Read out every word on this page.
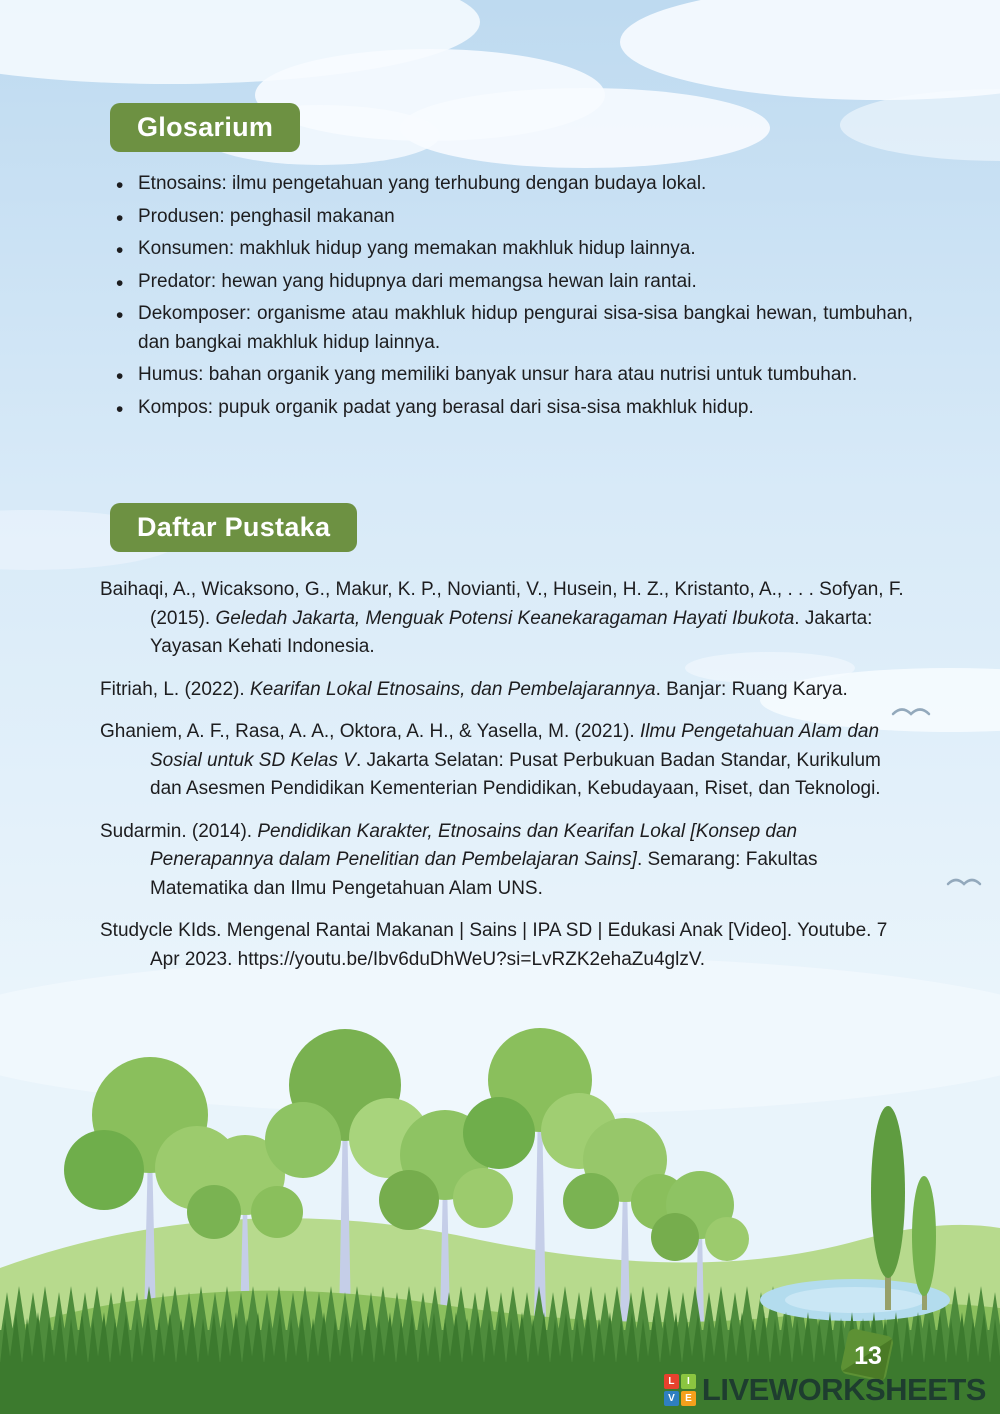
Glosarium
• Etnosains: ilmu pengetahuan yang terhubung dengan budaya lokal.
• Produsen: penghasil makanan
• Konsumen: makhluk hidup yang memakan makhluk hidup lainnya.
• Predator: hewan yang hidupnya dari memangsa hewan lain rantai.
• Dekomposer: organisme atau makhluk hidup pengurai sisa-sisa bangkai hewan, tumbuhan, dan bangkai makhluk hidup lainnya.
• Humus: bahan organik yang memiliki banyak unsur hara atau nutrisi untuk tumbuhan.
• Kompos: pupuk organik padat yang berasal dari sisa-sisa makhluk hidup.
Daftar Pustaka

Baihaqi, A., Wicaksono, G., Makur, K. P., Novianti, V., Husein, H. Z., Kristanto, A., . . . Sofyan, F. (2015). Geledah Jakarta, Menguak Potensi Keanekaragaman Hayati Ibukota. Jakarta: Yayasan Kehati Indonesia.

Fitriah, L. (2022). Kearifan Lokal Etnosains, dan Pembelajarannya. Banjar: Ruang Karya.

Ghaniem, A. F., Rasa, A. A., Oktora, A. H., & Yasella, M. (2021). Ilmu Pengetahuan Alam dan Sosial untuk SD Kelas V. Jakarta Selatan: Pusat Perbukuan Badan Standar, Kurikulum dan Asesmen Pendidikan Kementerian Pendidikan, Kebudayaan, Riset, dan Teknologi.

Sudarmin. (2014). Pendidikan Karakter, Etnosains dan Kearifan Lokal [Konsep dan Penerapannya dalam Penelitian dan Pembelajaran Sains]. Semarang: Fakultas Matematika dan Ilmu Pengetahuan Alam UNS.

Studycle KIds. Mengenal Rantai Makanan | Sains | IPA SD | Edukasi Anak [Video]. Youtube. 7 Apr 2023. https://youtu.be/Ibv6duDhWeU?si=LvRZK2ehaZu4glzV.

13
L	I
V	E LIVEWORKSHEETS
